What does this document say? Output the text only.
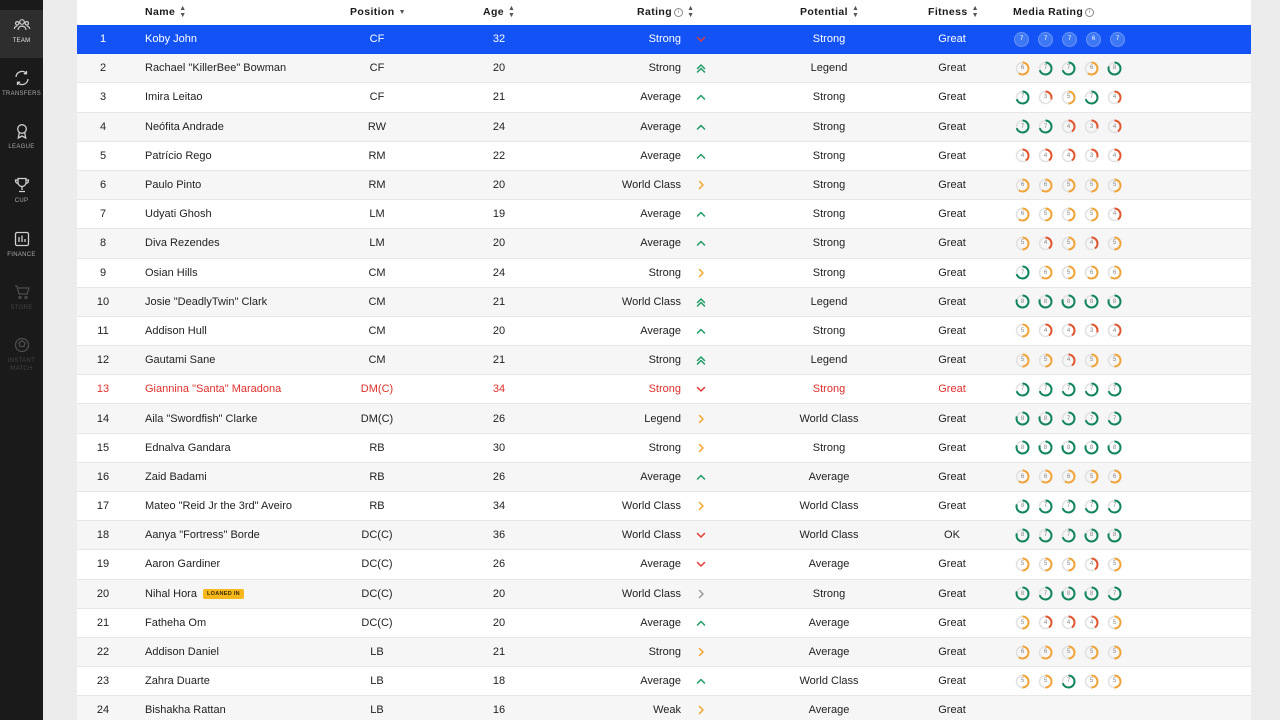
TEAM
TRANSFERS
LEAGUE
CUP
FINANCE
STORE
INSTANT MATCH
Name ▲
▼	Position ▼	Age ▲
▼	Rating i	▲
▼	Potential ▲
▼	Fitness ▲
▼	Media Rating i
1	Koby John	CF	32	Strong	Strong	Great	7	7	7	6	7
2	Rachael "KillerBee" Bowman	CF	20	Strong	Legend	Great	6	7	7	6	8
3	Imira Leitao	CF	21	Average	Strong	Great	7	3	5	7	4
4	Neófita Andrade	RW	24	Average	Strong	Great	7	7	4	3	4
5	Patrício Rego	RM	22	Average	Strong	Great	4	4	4	3	4
6	Paulo Pinto	RM	20	World Class	Strong	Great	6	6	5	5	5
7	Udyati Ghosh	LM	19	Average	Strong	Great	6	5	5	5	4
8	Diva Rezendes	LM	20	Average	Strong	Great	5	4	5	4	5
9	Osian Hills	CM	24	Strong	Strong	Great	7	6	5	6	6
10	Josie "DeadlyTwin" Clark	CM	21	World Class	Legend	Great	8	8	8	8	8
11	Addison Hull	CM	20	Average	Strong	Great	5	4	4	3	4
12	Gautami Sane	CM	21	Strong	Legend	Great	5	5	4	5	5
13	Giannina "Santa" Maradona	DM(C)	34	Strong	Strong	Great	7	7	7	7	7
14	Aila "Swordfish" Clarke	DM(C)	26	Legend	World Class	Great	8	8	7	7	7
15	Ednalva Gandara	RB	30	Strong	Strong	Great	8	8	8	8	8
16	Zaid Badami	RB	26	Average	Average	Great	6	6	6	5	6
17	Mateo "Reid Jr the 3rd" Aveiro	RB	34	World Class	World Class	Great	8	7	7	7	7
18	Aanya "Fortress" Borde	DC(C)	36	World Class	World Class	OK	8	7	7	8	8
19	Aaron Gardiner	DC(C)	26	Average	Average	Great	5	5	5	4	5
20	Nihal Hora	LOANED IN	DC(C)	20	World Class	Strong	Great	8	7	8	8	7
21	Fatheha Om	DC(C)	20	Average	Average	Great	5	4	4	4	5
22	Addison Daniel	LB	21	Strong	Average	Great	6	6	5	5	5
23	Zahra Duarte	LB	18	Average	World Class	Great	5	5	7	5	5
24	Bishakha Rattan	LB	16	Weak	Average	Great
